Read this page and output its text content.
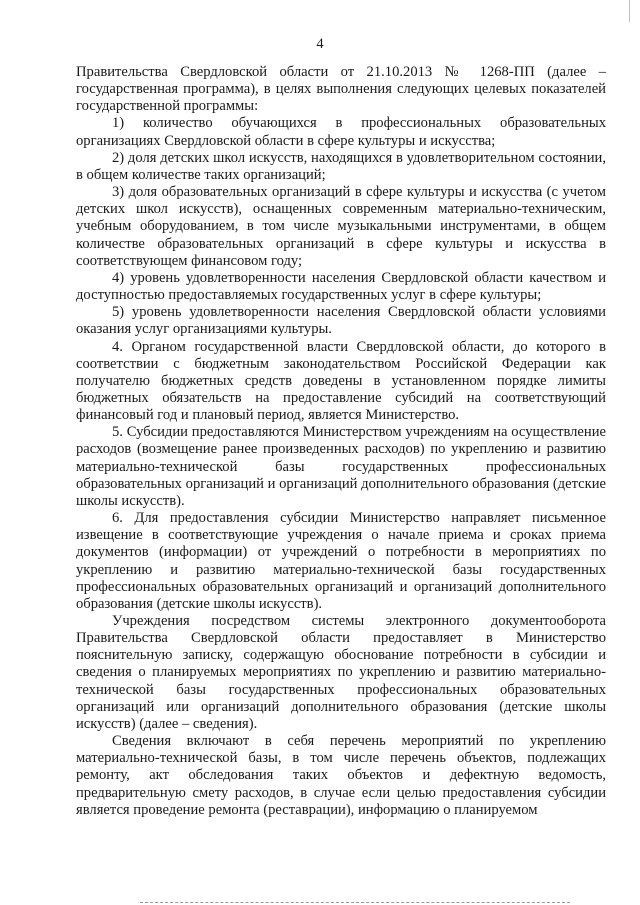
4

Правительства Свердловской области от 21.10.2013 № 1268-ПП (далее – государственная программа), в целях выполнения следующих целевых показателей государственной программы:

1) количество обучающихся в профессиональных образовательных организациях Свердловской области в сфере культуры и искусства;

2) доля детских школ искусств, находящихся в удовлетворительном состоянии, в общем количестве таких организаций;

3) доля образовательных организаций в сфере культуры и искусства (с учетом детских школ искусств), оснащенных современным материально-техническим, учебным оборудованием, в том числе музыкальными инструментами, в общем количестве образовательных организаций в сфере культуры и искусства в соответствующем финансовом году;

4) уровень удовлетворенности населения Свердловской области качеством и доступностью предоставляемых государственных услуг в сфере культуры;

5) уровень удовлетворенности населения Свердловской области условиями оказания услуг организациями культуры.

4. Органом государственной власти Свердловской области, до которого в соответствии с бюджетным законодательством Российской Федерации как получателю бюджетных средств доведены в установленном порядке лимиты бюджетных обязательств на предоставление субсидий на соответствующий финансовый год и плановый период, является Министерство.

5. Субсидии предоставляются Министерством учреждениям на осуществление расходов (возмещение ранее произведенных расходов) по укреплению и развитию материально-технической базы государственных профессиональных образовательных организаций и организаций дополнительного образования (детские школы искусств).

6. Для предоставления субсидии Министерство направляет письменное извещение в соответствующие учреждения о начале приема и сроках приема документов (информации) от учреждений о потребности в мероприятиях по укреплению и развитию материально-технической базы государственных профессиональных образовательных организаций и организаций дополнительного образования (детские школы искусств).

Учреждения посредством системы электронного документооборота Правительства Свердловской области предоставляет в Министерство пояснительную записку, содержащую обоснование потребности в субсидии и сведения о планируемых мероприятиях по укреплению и развитию материально-технической базы государственных профессиональных образовательных организаций или организаций дополнительного образования (детские школы искусств) (далее – сведения).

Сведения включают в себя перечень мероприятий по укреплению материально-технической базы, в том числе перечень объектов, подлежащих ремонту, акт обследования таких объектов и дефектную ведомость, предварительную смету расходов, в случае если целью предоставления субсидии является проведение ремонта (реставрации), информацию о планируемом
